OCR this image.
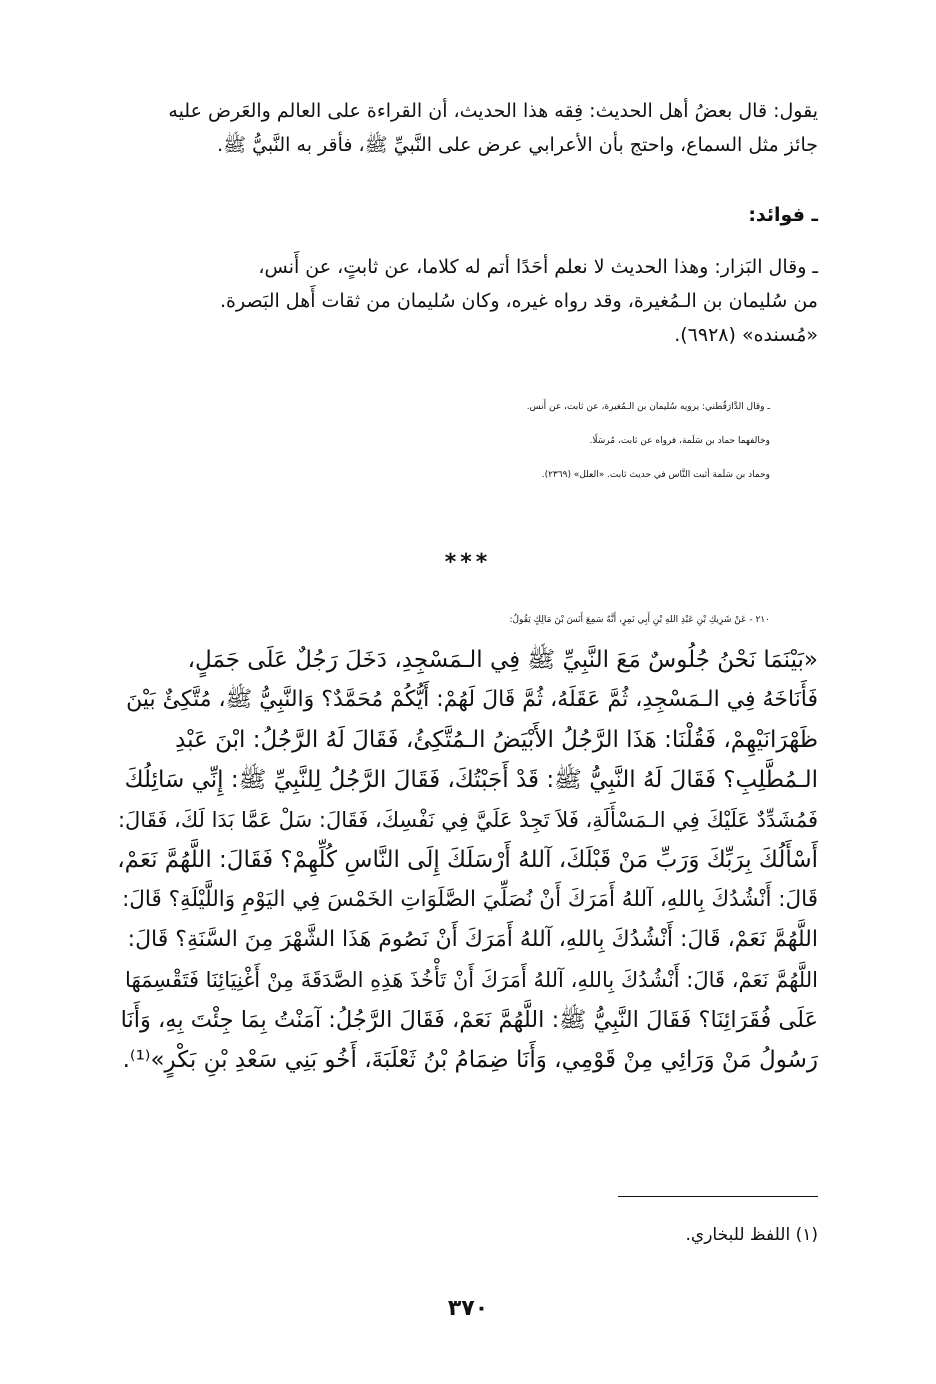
يقول: قال بعضُ أهل الحديث: فِقه هذا الحديث، أن القراءة على العالم والعَرض عليه
جائز مثل السماع، واحتج بأن الأعرابي عرض على النَّبيِّ ﷺ، فأقر به النَّبيُّ ﷺ.
ـ فوائد:
ـ وقال البَزار: وهذا الحديث لا نعلم أحَدًا أتم له كلاما، عن ثابتٍ، عن أَنس،
من سُليمان بن الـمُغيرة، وقد رواه غيره، وكان سُليمان من ثقات أَهل البَصرة.
«مُسنده» (٦٩٢٨).
ـ وقال الدَّارَقُطني: يرويه سُليمان بن الـمُغيرة، عن ثابت، عن أَنس.
وخالفهما حماد بن سَلَمة، فرواه عن ثابت، مُرسَلًا.
وحماد بن سَلَمة أثبت النَّاس في حديث ثابت. «العلل» (٢٣٦٩).
***
٢١٠ - عَنْ شَرِيكِ بْنِ عَبْدِ اللهِ بْنِ أَبِي نَمِرٍ، أَنَّهُ سَمِعَ أَنَسَ بْنَ مَالِكٍ يَقُولُ:
«بَيْنَمَا نَحْنُ جُلُوسٌ مَعَ النَّبِيِّ ﷺ فِي الـمَسْجِدِ، دَخَلَ رَجُلٌ عَلَى جَمَلٍ،
فَأَنَاخَهُ فِي الـمَسْجِدِ، ثُمَّ عَقَلَهُ، ثُمَّ قَالَ لَهُمْ: أَيُّكُمْ مُحَمَّدٌ؟ وَالنَّبِيُّ ﷺ، مُتَّكِئٌ بَيْنَ
ظَهْرَانَيْهِمْ، فَقُلْنَا: هَذَا الرَّجُلُ الأَبْيَضُ الـمُتَّكِئُ، فَقَالَ لَهُ الرَّجُلُ: ابْنَ عَبْدِ
الـمُطَّلِبِ؟ فَقَالَ لَهُ النَّبِيُّ ﷺ: قَدْ أَجَبْتُكَ، فَقَالَ الرَّجُلُ لِلنَّبِيِّ ﷺ: إِنِّي سَائِلُكَ
فَمُشَدِّدٌ عَلَيْكَ فِي الـمَسْأَلَةِ، فَلاَ تَجِدْ عَلَيَّ فِي نَفْسِكَ، فَقَالَ: سَلْ عَمَّا بَدَا لَكَ، فَقَالَ:
أَسْأَلُكَ بِرَبِّكَ وَرَبِّ مَنْ قَبْلَكَ، آللهُ أَرْسَلَكَ إِلَى النَّاسِ كُلِّهِمْ؟ فَقَالَ: اللَّهُمَّ نَعَمْ،
قَالَ: أَنْشُدُكَ بِاللهِ، آللهُ أَمَرَكَ أَنْ نُصَلِّيَ الصَّلَوَاتِ الخَمْسَ فِي اليَوْمِ وَاللَّيْلَةِ؟ قَالَ:
اللَّهُمَّ نَعَمْ، قَالَ: أَنْشُدُكَ بِاللهِ، آللهُ أَمَرَكَ أَنْ نَصُومَ هَذَا الشَّهْرَ مِنَ السَّنَةِ؟ قَالَ:
اللَّهُمَّ نَعَمْ، قَالَ: أَنْشُدُكَ بِاللهِ، آللهُ أَمَرَكَ أَنْ تَأْخُذَ هَذِهِ الصَّدَقَةَ مِنْ أَغْنِيَائِنَا فَتَقْسِمَهَا
عَلَى فُقَرَائِنَا؟ فَقَالَ النَّبِيُّ ﷺ: اللَّهُمَّ نَعَمْ، فَقَالَ الرَّجُلُ: آمَنْتُ بِمَا جِئْتَ بِهِ، وَأَنَا
رَسُولُ مَنْ وَرَائِي مِنْ قَوْمِي، وَأَنَا ضِمَامُ بْنُ ثَعْلَبَةَ، أَخُو بَنِي سَعْدِ بْنِ بَكْرٍ»⁽¹⁾.
(١) اللفظ للبخاري.
٣٧٠
